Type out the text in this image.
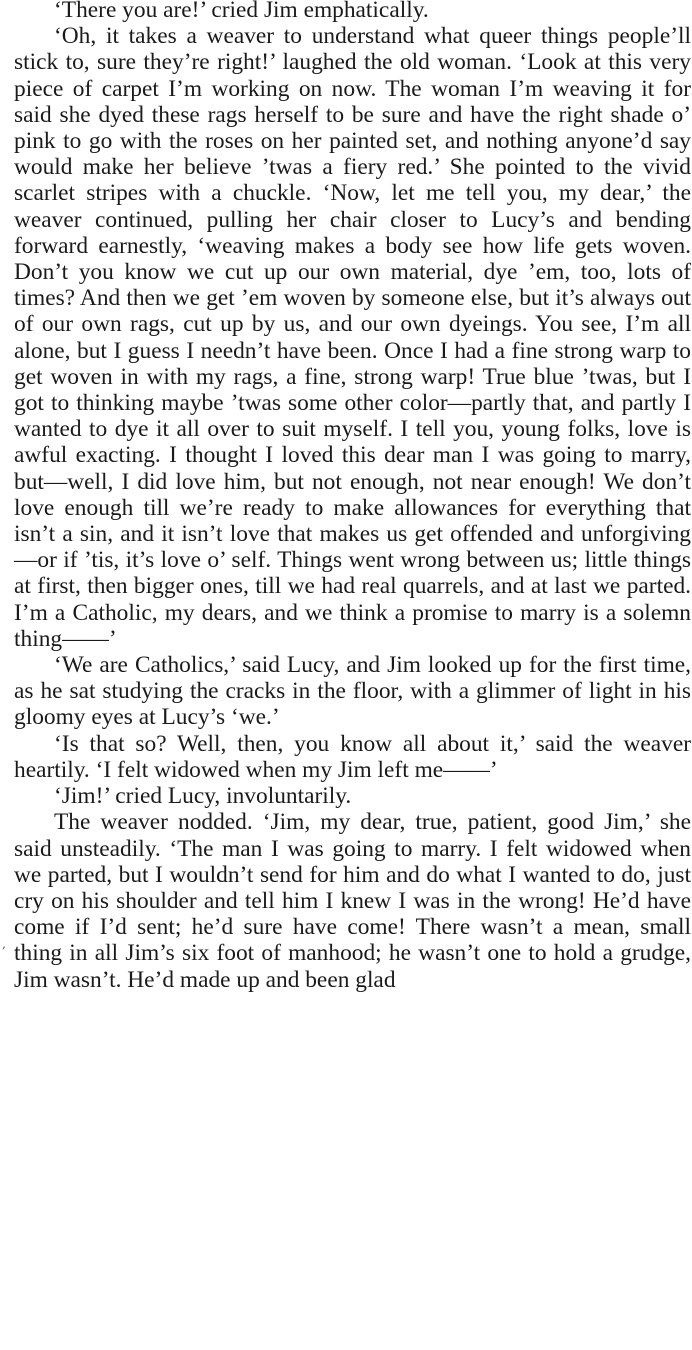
‘There you are!’ cried Jim emphatically.

‘Oh, it takes a weaver to understand what queer things people’ll stick to, sure they’re right!’ laughed the old woman. ‘Look at this very piece of carpet I’m working on now. The woman I’m weaving it for said she dyed these rags herself to be sure and have the right shade o’ pink to go with the roses on her painted set, and nothing anyone’d say would make her believe ’twas a fiery red.’ She pointed to the vivid scarlet stripes with a chuckle. ‘Now, let me tell you, my dear,’ the weaver continued, pulling her chair closer to Lucy’s and bending forward earnestly, ‘weaving makes a body see how life gets woven. Don’t you know we cut up our own material, dye ’em, too, lots of times? And then we get ’em woven by someone else, but it’s always out of our own rags, cut up by us, and our own dyeings. You see, I’m all alone, but I guess I needn’t have been. Once I had a fine strong warp to get woven in with my rags, a fine, strong warp! True blue ’twas, but I got to thinking maybe ’twas some other color—partly that, and partly I wanted to dye it all over to suit myself. I tell you, young folks, love is awful exacting. I thought I loved this dear man I was going to marry, but—well, I did love him, but not enough, not near enough! We don’t love enough till we’re ready to make allowances for everything that isn’t a sin, and it isn’t love that makes us get offended and unforgiving—or if ’tis, it’s love o’ self. Things went wrong between us; little things at first, then bigger ones, till we had real quarrels, and at last we parted. I’m a Catholic, my dears, and we think a promise to marry is a solemn thing——’

‘We are Catholics,’ said Lucy, and Jim looked up for the first time, as he sat studying the cracks in the floor, with a glimmer of light in his gloomy eyes at Lucy’s ‘we.’

‘Is that so? Well, then, you know all about it,’ said the weaver heartily. ‘I felt widowed when my Jim left me——’

‘Jim!’ cried Lucy, involuntarily.

The weaver nodded. ‘Jim, my dear, true, patient, good Jim,’ she said unsteadily. ‘The man I was going to marry. I felt widowed when we parted, but I wouldn’t send for him and do what I wanted to do, just cry on his shoulder and tell him I knew I was in the wrong! He’d have come if I’d sent; he’d sure have come! There wasn’t a mean, small thing in all Jim’s six foot of manhood; he wasn’t one to hold a grudge, Jim wasn’t. He’d made up and been glad

,
